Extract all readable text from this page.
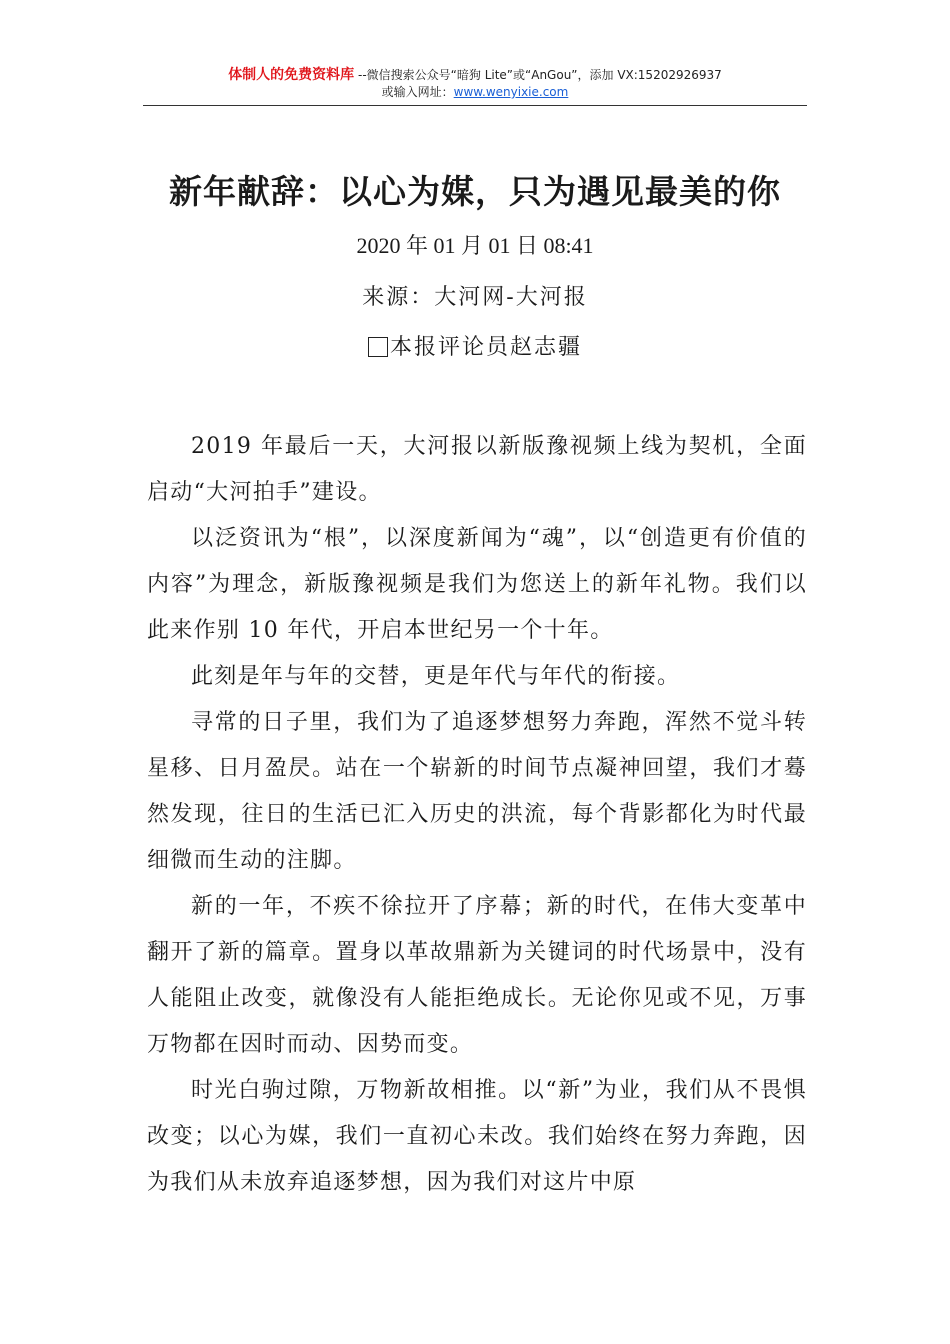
体制人的免费资料库 --微信搜索公众号“暗狗 Lite”或“AnGou”，添加 VX:15202926937
或输入网址：www.wenyixie.com
新年献辞：以心为媒，只为遇见最美的你
2020 年 01 月 01 日 08:41
来源：大河网-大河报
本报评论员赵志疆

2019 年最后一天，大河报以新版豫视频上线为契机，全面启动“大河拍手”建设。

以泛资讯为“根”，以深度新闻为“魂”，以“创造更有价值的内容”为理念，新版豫视频是我们为您送上的新年礼物。我们以此来作别 10 年代，开启本世纪另一个十年。

此刻是年与年的交替，更是年代与年代的衔接。

寻常的日子里，我们为了追逐梦想努力奔跑，浑然不觉斗转星移、日月盈昃。站在一个崭新的时间节点凝神回望，我们才蓦然发现，往日的生活已汇入历史的洪流，每个背影都化为时代最细微而生动的注脚。

新的一年，不疾不徐拉开了序幕；新的时代，在伟大变革中翻开了新的篇章。置身以革故鼎新为关键词的时代场景中，没有人能阻止改变，就像没有人能拒绝成长。无论你见或不见，万事万物都在因时而动、因势而变。

时光白驹过隙，万物新故相推。以“新”为业，我们从不畏惧改变；以心为媒，我们一直初心未改。我们始终在努力奔跑，因为我们从未放弃追逐梦想，因为我们对这片中原
